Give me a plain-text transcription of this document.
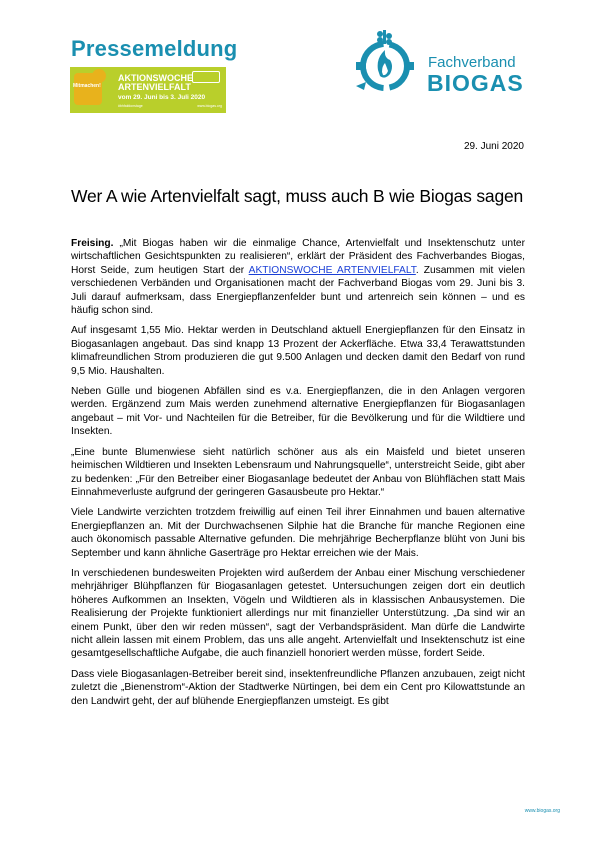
Pressemeldung
Mitmachen!
AKTIONSWOCHE
ARTENVIELFALT
vom 29. Juni bis 3. Juli 2020
#bhfaktionstage	www.biogas.org
Fachverband
BIOGAS
29. Juni 2020
Wer A wie Artenvielfalt sagt, muss auch B wie Biogas sagen

Freising. „Mit Biogas haben wir die einmalige Chance, Artenvielfalt und Insektenschutz unter wirtschaftlichen Gesichtspunkten zu realisieren“, erklärt der Präsident des Fachverbandes Biogas, Horst Seide, zum heutigen Start der AKTIONSWOCHE ARTENVIELFALT. Zusammen mit vielen verschiedenen Verbänden und Organisationen macht der Fachverband Biogas vom 29. Juni bis 3. Juli darauf aufmerksam, dass Energiepflanzenfelder bunt und artenreich sein können – und es häufig schon sind.

Auf insgesamt 1,55 Mio. Hektar werden in Deutschland aktuell Energiepflanzen für den Einsatz in Biogasanlagen angebaut. Das sind knapp 13 Prozent der Ackerfläche. Etwa 33,4 Terawattstunden klimafreundlichen Strom produzieren die gut 9.500 Anlagen und decken damit den Bedarf von rund 9,5 Mio. Haushalten.

Neben Gülle und biogenen Abfällen sind es v.a. Energiepflanzen, die in den Anlagen vergoren werden. Ergänzend zum Mais werden zunehmend alternative Energiepflanzen für Biogasanlagen angebaut – mit Vor- und Nachteilen für die Betreiber, für die Bevölkerung und für die Wildtiere und Insekten.

„Eine bunte Blumenwiese sieht natürlich schöner aus als ein Maisfeld und bietet unseren heimischen Wildtieren und Insekten Lebensraum und Nahrungsquelle“, unterstreicht Seide, gibt aber zu bedenken: „Für den Betreiber einer Biogasanlage bedeutet der Anbau von Blühflächen statt Mais Einnahmeverluste aufgrund der geringeren Gasausbeute pro Hektar.“

Viele Landwirte verzichten trotzdem freiwillig auf einen Teil ihrer Einnahmen und bauen alternative Energiepflanzen an. Mit der Durchwachsenen Silphie hat die Branche für manche Regionen eine auch ökonomisch passable Alternative gefunden. Die mehrjährige Becherpflanze blüht von Juni bis September und kann ähnliche Gaserträge pro Hektar erreichen wie der Mais.

In verschiedenen bundesweiten Projekten wird außerdem der Anbau einer Mischung verschiedener mehrjähriger Blühpflanzen für Biogasanlagen getestet. Untersuchungen zeigen dort ein deutlich höheres Aufkommen an Insekten, Vögeln und Wildtieren als in klassischen Anbausystemen. Die Realisierung der Projekte funktioniert allerdings nur mit finanzieller Unterstützung. „Da sind wir an einem Punkt, über den wir reden müssen“, sagt der Verbandspräsident. Man dürfe die Landwirte nicht allein lassen mit einem Problem, das uns alle angeht. Artenvielfalt und Insektenschutz ist eine gesamtgesellschaftliche Aufgabe, die auch finanziell honoriert werden müsse, fordert Seide.

Dass viele Biogasanlagen-Betreiber bereit sind, insektenfreundliche Pflanzen anzubauen, zeigt nicht zuletzt die „Bienenstrom“-Aktion der Stadtwerke Nürtingen, bei dem ein Cent pro Kilowattstunde an den Landwirt geht, der auf blühende Energiepflanzen umsteigt. Es gibt

www.biogas.org
